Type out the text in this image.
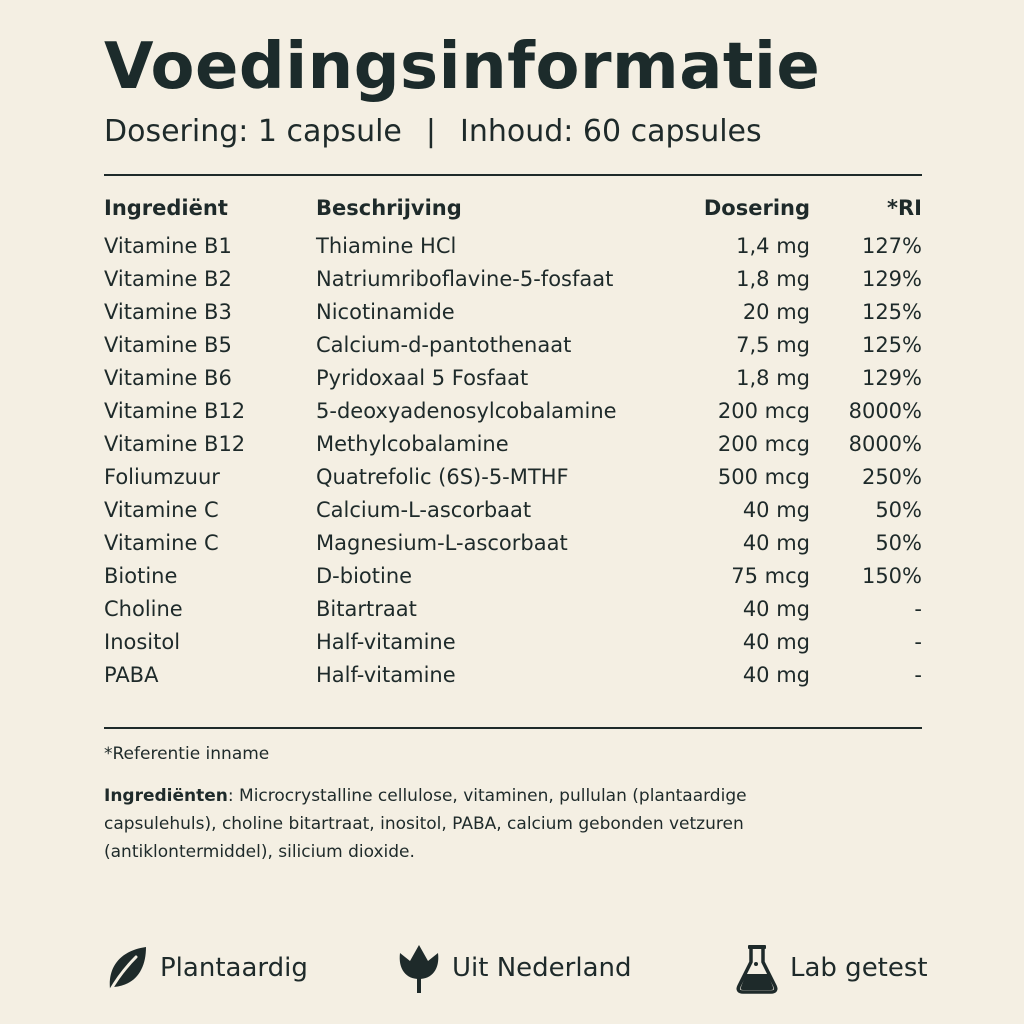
Voedingsinformatie
Dosering: 1 capsule | Inhoud: 60 capsules
Ingrediënt	Beschrijving	Dosering	*RI
Vitamine B1	Thiamine HCl	1,4 mg 127%
Vitamine B2	Natriumriboflavine-5-fosfaat	1,8 mg 129%
Vitamine B3	Nicotinamide	20 mg 125%
Vitamine B5	Calcium-d-pantothenaat	7,5 mg 125%
Vitamine B6	Pyridoxaal 5 Fosfaat	1,8 mg 129%
Vitamine B12	5-deoxyadenosylcobalamine	200 mcg 8000%
Vitamine B12	Methylcobalamine	200 mcg 8000%
Foliumzuur	Quatrefolic (6S)-5-MTHF	500 mcg 250%
Vitamine C	Calcium-L-ascorbaat	40 mg	50%
Vitamine C	Magnesium-L-ascorbaat	40 mg	50%
Biotine	D-biotine	75 mcg 150%
Choline	Bitartraat	40 mg	-
Inositol	Half-vitamine	40 mg	-
PABA	Half-vitamine	40 mg	-
*Referentie inname
Ingrediënten: Microcrystalline cellulose, vitaminen, pullulan (plantaardige capsulehuls), choline bitartraat, inositol, PABA, calcium gebonden vetzuren (antiklontermiddel), silicium dioxide.
Plantaardig	Uit Nederland	Lab getest
